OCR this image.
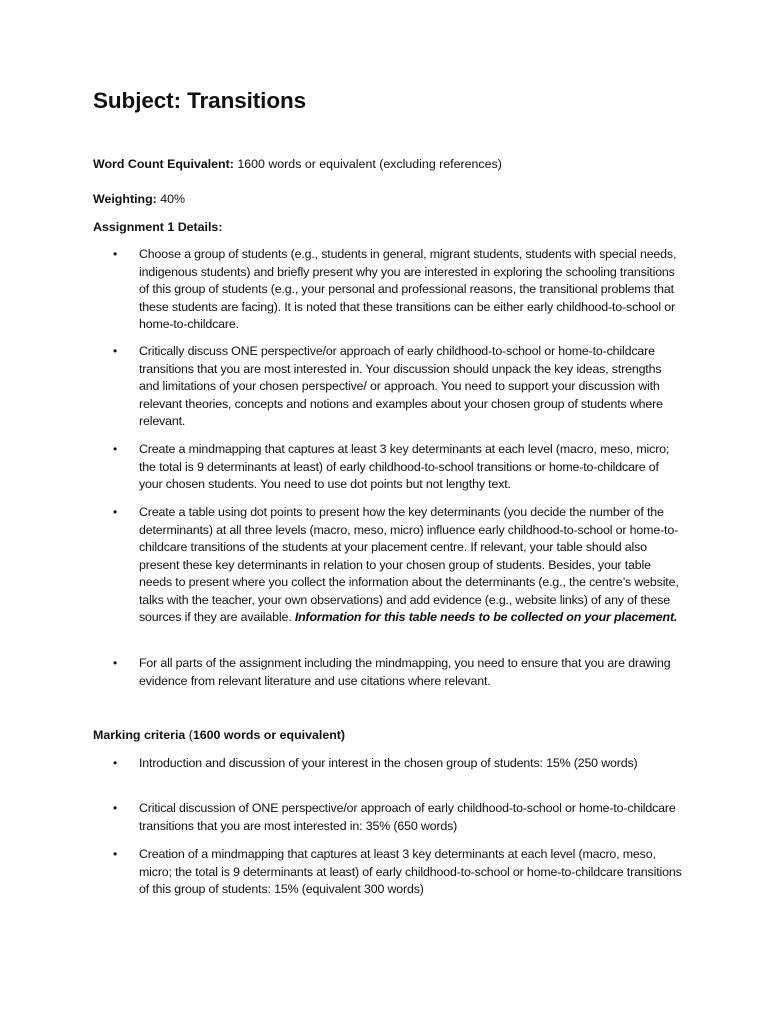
Subject: Transitions

Word Count Equivalent: 1600 words or equivalent (excluding references)

Weighting: 40%

Assignment 1 Details:

• Choose a group of students (e.g., students in general, migrant students, students with special needs, indigenous students) and briefly present why you are interested in exploring the schooling transitions of this group of students (e.g., your personal and professional reasons, the transitional problems that these students are facing). It is noted that these transitions can be either early childhood-to-school or home-to-childcare.
• Critically discuss ONE perspective/or approach of early childhood-to-school or home-to-childcare transitions that you are most interested in. Your discussion should unpack the key ideas, strengths and limitations of your chosen perspective/ or approach. You need to support your discussion with relevant theories, concepts and notions and examples about your chosen group of students where relevant.
• Create a mindmapping that captures at least 3 key determinants at each level (macro, meso, micro; the total is 9 determinants at least) of early childhood-to-school transitions or home-to-childcare of your chosen students. You need to use dot points but not lengthy text.
• Create a table using dot points to present how the key determinants (you decide the number of the determinants) at all three levels (macro, meso, micro) influence early childhood-to-school or home-to-childcare transitions of the students at your placement centre. If relevant, your table should also present these key determinants in relation to your chosen group of students. Besides, your table needs to present where you collect the information about the determinants (e.g., the centre’s website, talks with the teacher, your own observations) and add evidence (e.g., website links) of any of these sources if they are available. Information for this table needs to be collected on your placement.
• For all parts of the assignment including the mindmapping, you need to ensure that you are drawing evidence from relevant literature and use citations where relevant.

Marking criteria (1600 words or equivalent)

• Introduction and discussion of your interest in the chosen group of students: 15% (250 words)
• Critical discussion of ONE perspective/or approach of early childhood-to-school or home-to-childcare transitions that you are most interested in: 35% (650 words)
• Creation of a mindmapping that captures at least 3 key determinants at each level (macro, meso, micro; the total is 9 determinants at least) of early childhood-to-school or home-to-childcare transitions of this group of students: 15% (equivalent 300 words)
